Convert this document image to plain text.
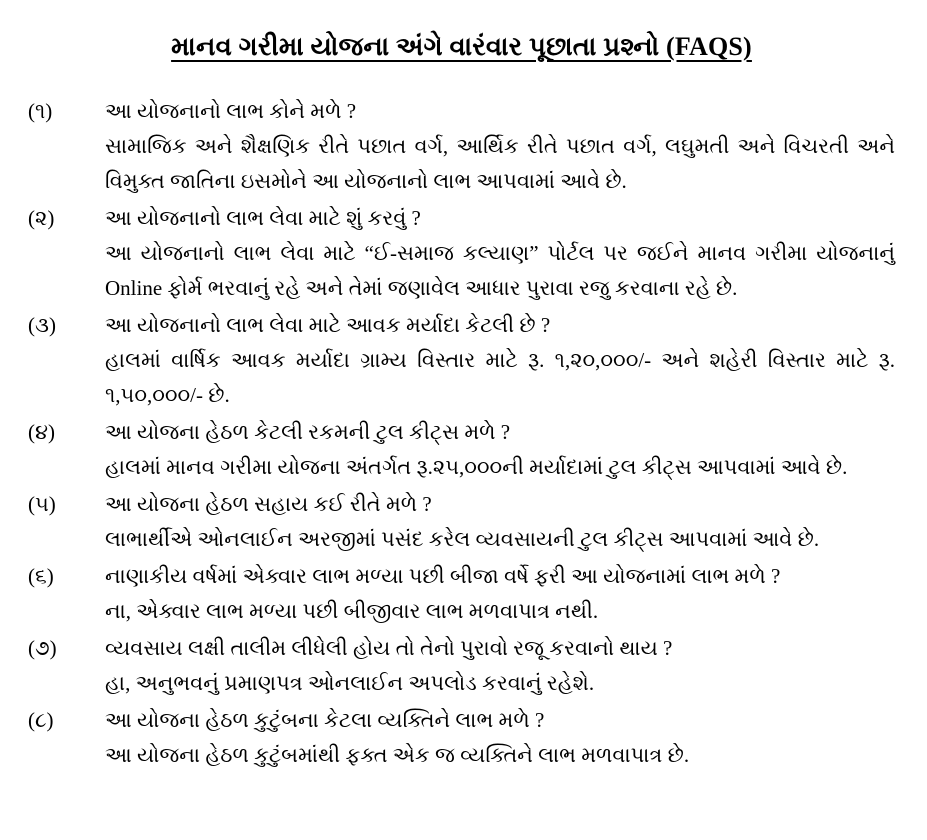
માનવ ગરીમા યોજના અંગે વારંવાર પૂછાતા પ્રશ્નો (FAQS)
(૧)	આ યોજનાનો લાભ કોને મળે ?
સામાજિક અને શૈક્ષણિક રીતે પછાત વર્ગ, આર્થિક રીતે પછાત વર્ગ, લઘુમતી અને વિચરતી અને વિમુક્ત જાતિના ઇસમોને આ યોજનાનો લાભ આપવામાં આવે છે.
(૨)	આ યોજનાનો લાભ લેવા માટે શું કરવું ?
આ યોજનાનો લાભ લેવા માટે “ઈ-સમાજ કલ્યાણ” પોર્ટલ પર જઈને માનવ ગરીમા યોજનાનું Online ફોર્મ ભરવાનું રહે અને તેમાં જણાવેલ આધાર પુરાવા રજુ કરવાના રહે છે.
(૩)	આ યોજનાનો લાભ લેવા માટે આવક મર્યાદા કેટલી છે ?
હાલમાં વાર્ષિક આવક મર્યાદા ગ્રામ્ય વિસ્તાર માટે રૂ. ૧,૨૦,૦૦૦/- અને શહેરી વિસ્તાર માટે રૂ. ૧,૫૦,૦૦૦/- છે.
(૪)	આ યોજના હેઠળ કેટલી રકમની ટુલ કીટ્સ મળે ?
હાલમાં માનવ ગરીમા યોજના અંતર્ગત રૂ.૨૫,૦૦૦ની મર્યાદામાં ટુલ કીટ્સ આપવામાં આવે છે.
(૫)	આ યોજના હેઠળ સહાય કઈ રીતે મળે ?
લાભાર્થીએ ઓનલાઈન અરજીમાં પસંદ કરેલ વ્યવસાયની ટુલ કીટ્સ આપવામાં આવે છે.
(૬)	નાણાકીય વર્ષમાં એક્વાર લાભ મળ્યા પછી બીજા વર્ષે ફરી આ યોજનામાં લાભ મળે ?
ના, એક્વાર લાભ મળ્યા પછી બીજીવાર લાભ મળવાપાત્ર નથી.
(૭)	વ્યવસાય લક્ષી તાલીમ લીધેલી હોય તો તેનો પુરાવો રજૂ કરવાનો થાય ?
હા, અનુભવનું પ્રમાણપત્ર ઓનલાઈન અપલોડ કરવાનું રહેશે.
(૮)	આ યોજના હેઠળ કુટુંબના કેટલા વ્યક્તિને લાભ મળે ?
આ યોજના હેઠળ કુટુંબમાંથી ફક્ત એક જ વ્યક્તિને લાભ મળવાપાત્ર છે.
